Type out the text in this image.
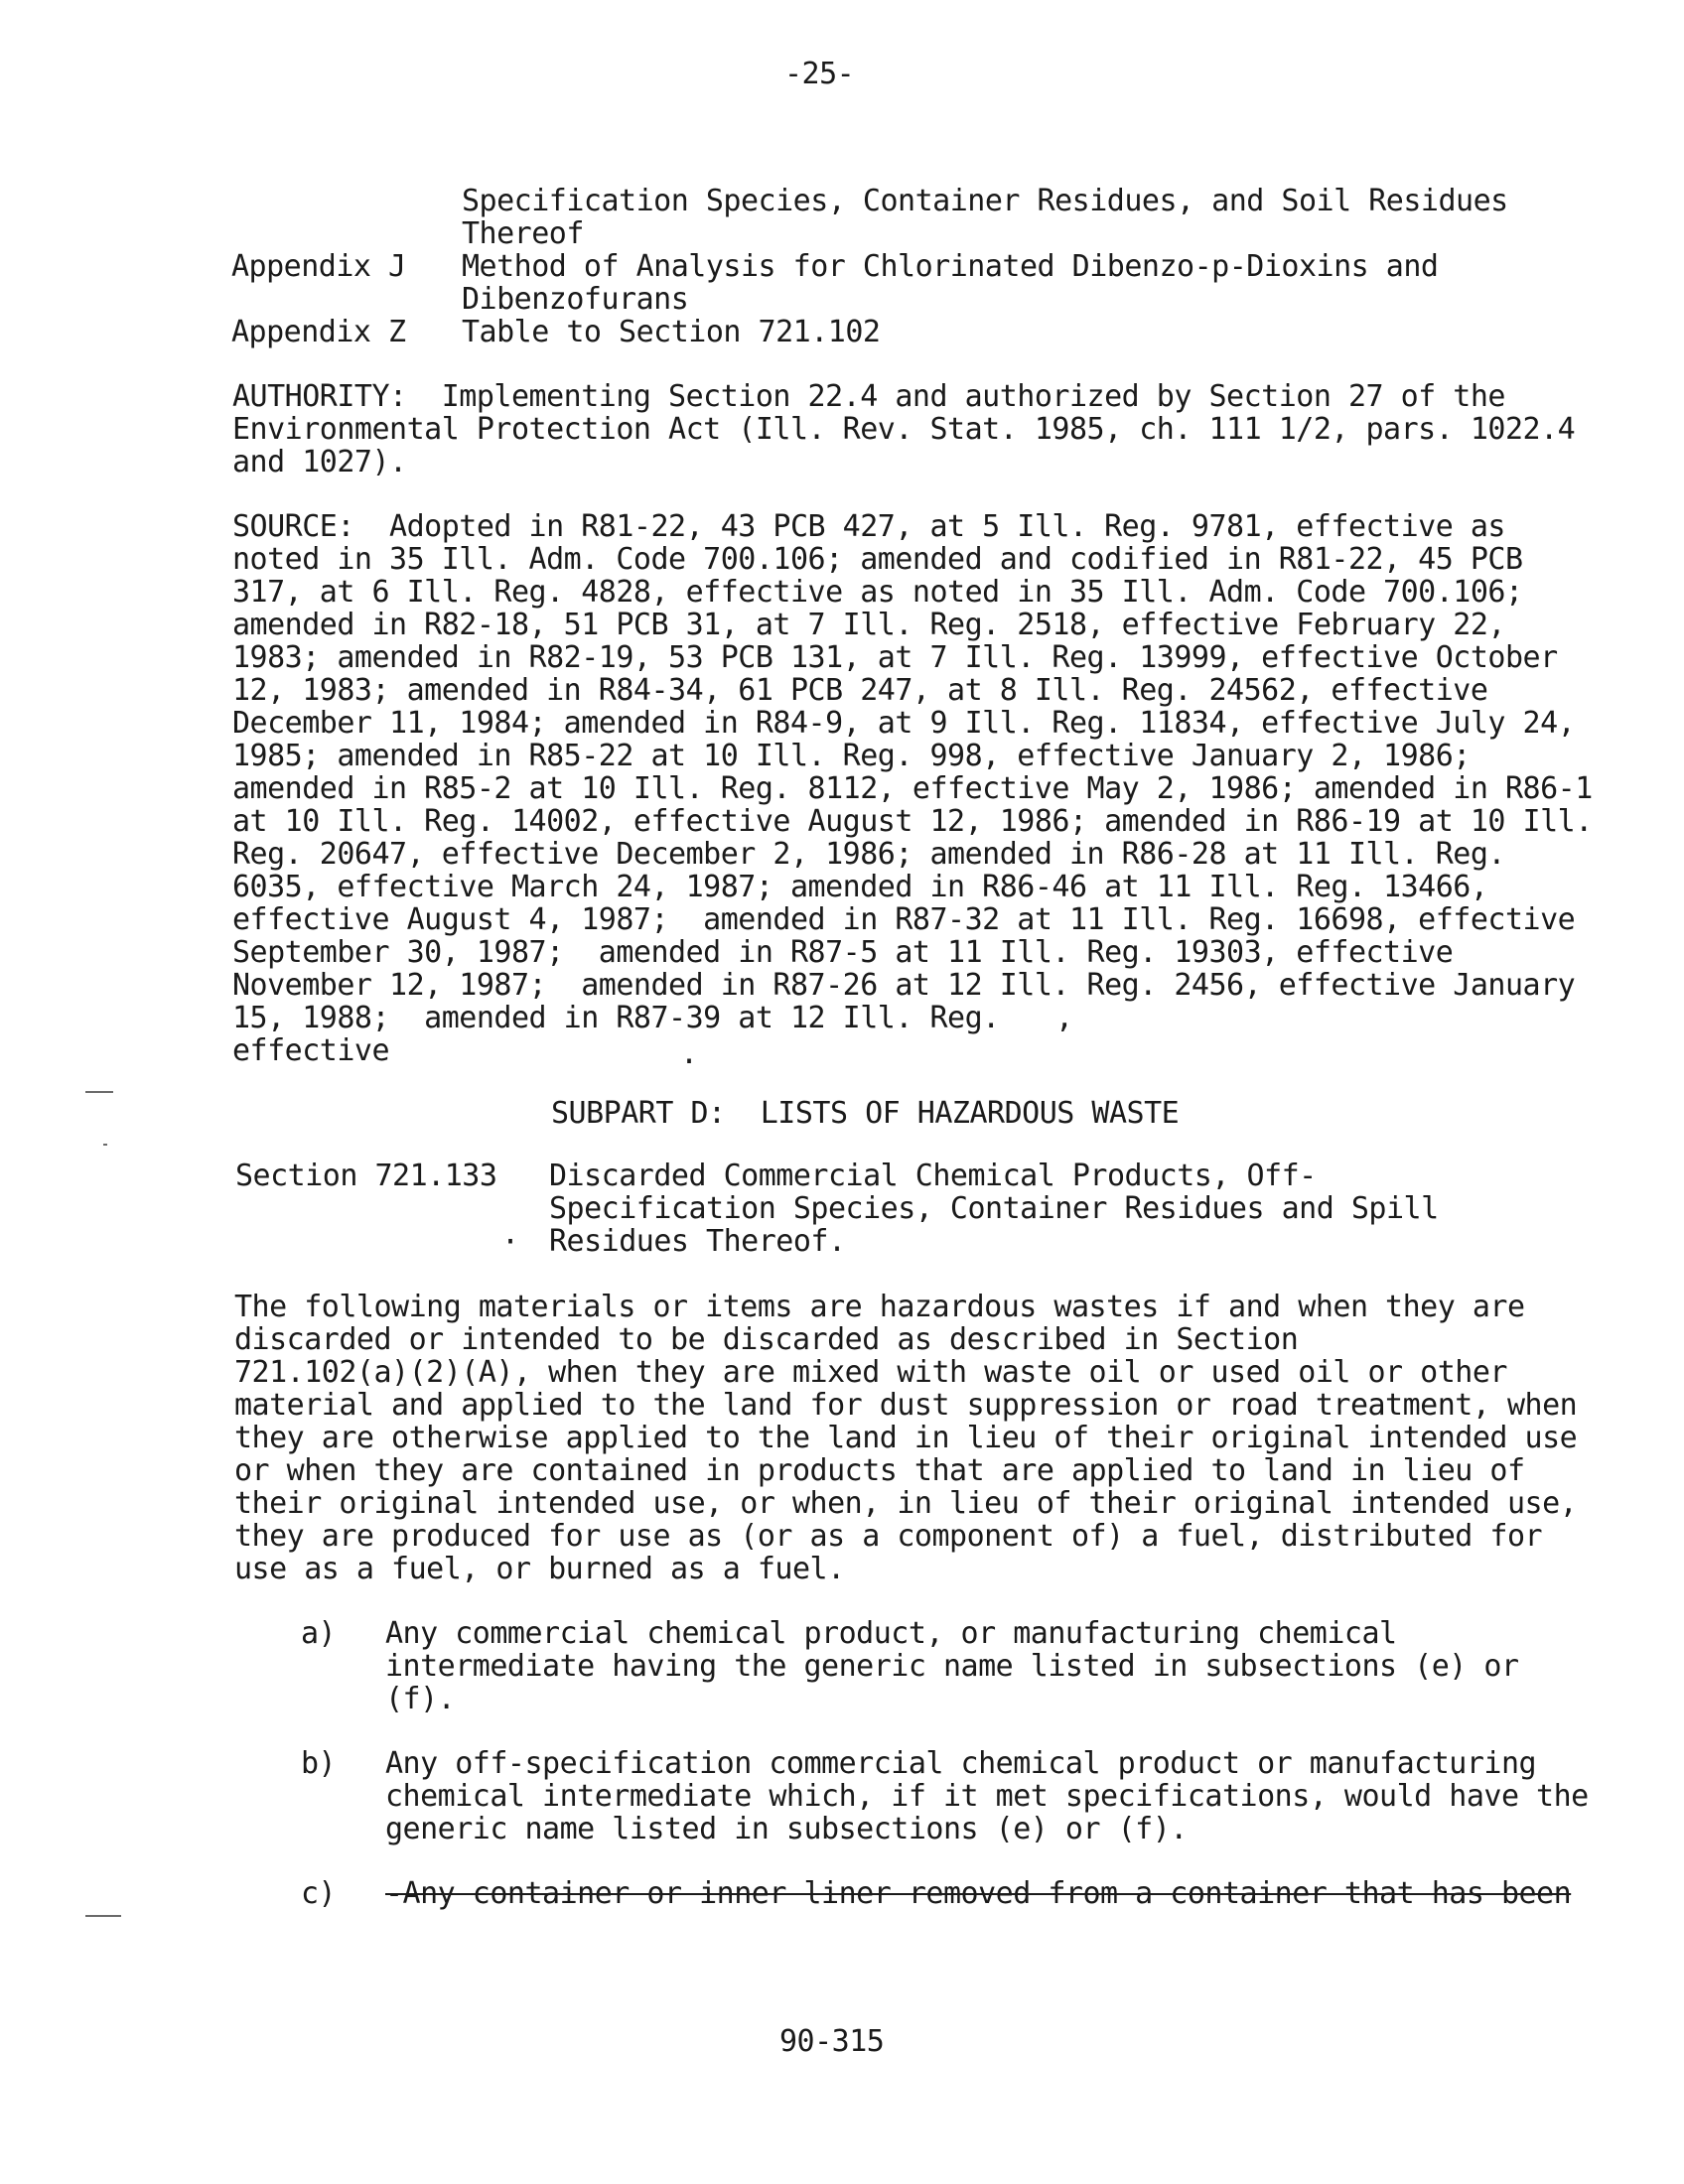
-25-
Specification Species, Container Residues, and Soil Residues
Thereof
Appendix J Method of Analysis for Chlorinated Dibenzo-p-Dioxins and
Dibenzofurans
Appendix Z Table to Section 721.102
AUTHORITY:  Implementing Section 22.4 and authorized by Section 27 of the
Environmental Protection Act (Ill. Rev. Stat. 1985, ch. 111 1/2, pars. 1022.4
and 1027).
SOURCE:  Adopted in R81-22, 43 PCB 427, at 5 Ill. Reg. 9781, effective as
noted in 35 Ill. Adm. Code 700.106; amended and codified in R81-22, 45 PCB
317, at 6 Ill. Reg. 4828, effective as noted in 35 Ill. Adm. Code 700.106;
amended in R82-18, 51 PCB 31, at 7 Ill. Reg. 2518, effective February 22,
1983; amended in R82-19, 53 PCB 131, at 7 Ill. Reg. 13999, effective October
12, 1983; amended in R84-34, 61 PCB 247, at 8 Ill. Reg. 24562, effective
December 11, 1984; amended in R84-9, at 9 Ill. Reg. 11834, effective July 24,
1985; amended in R85-22 at 10 Ill. Reg. 998, effective January 2, 1986;
amended in R85-2 at 10 Ill. Reg. 8112, effective May 2, 1986; amended in R86-1
at 10 Ill. Reg. 14002, effective August 12, 1986; amended in R86-19 at 10 Ill.
Reg. 20647, effective December 2, 1986; amended in R86-28 at 11 Ill. Reg.
6035, effective March 24, 1987; amended in R86-46 at 11 Ill. Reg. 13466,
effective August 4, 1987;  amended in R87-32 at 11 Ill. Reg. 16698, effective
September 30, 1987;  amended in R87-5 at 11 Ill. Reg. 19303, effective
November 12, 1987;  amended in R87-26 at 12 Ill. Reg. 2456, effective January
15, 1988;  amended in R87-39 at 12 Ill. Reg. ,
effective	.
SUBPART D:  LISTS OF HAZARDOUS WASTE
Section 721.133 Discarded Commercial Chemical Products, Off-
Specification Species, Container Residues and Spill
· Residues Thereof.
The following materials or items are hazardous wastes if and when they are
discarded or intended to be discarded as described in Section
721.102(a)(2)(A), when they are mixed with waste oil or used oil or other
material and applied to the land for dust suppression or road treatment, when
they are otherwise applied to the land in lieu of their original intended use
or when they are contained in products that are applied to land in lieu of
their original intended use, or when, in lieu of their original intended use,
they are produced for use as (or as a component of) a fuel, distributed for
use as a fuel, or burned as a fuel.
a) Any commercial chemical product, or manufacturing chemical
intermediate having the generic name listed in subsections (e) or
(f).
b) Any off-specification commercial chemical product or manufacturing
chemical intermediate which, if it met specifications, would have the
generic name listed in subsections (e) or (f).
c) -Any container or inner liner removed from a container that has been
90-315
